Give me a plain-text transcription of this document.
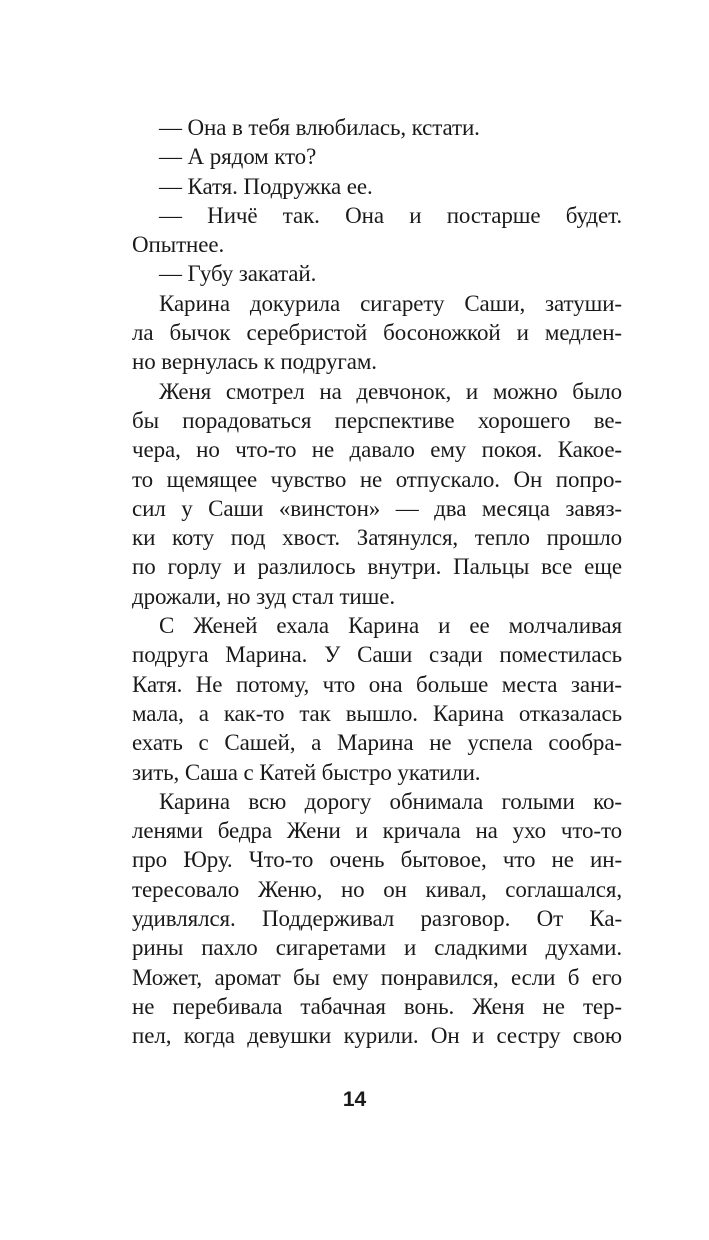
— Она в тебя влюбилась, кстати.
— А рядом кто?
— Катя. Подружка ее.
— Ничё так. Она и постарше будет.
Опытнее.
— Губу закатай.
Карина докурила сигарету Саши, затуши-
ла бычок серебристой босоножкой и медлен-
но вернулась к подругам.
Женя смотрел на девчонок, и можно было
бы порадоваться перспективе хорошего ве-
чера, но что-то не давало ему покоя. Какое-
то щемящее чувство не отпускало. Он попро-
сил у Саши «винстон» — два месяца завяз-
ки коту под хвост. Затянулся, тепло прошло
по горлу и разлилось внутри. Пальцы все еще
дрожали, но зуд стал тише.
С Женей ехала Карина и ее молчаливая
подруга Марина. У Саши сзади поместилась
Катя. Не потому, что она больше места зани-
мала, а как-то так вышло. Карина отказалась
ехать с Сашей, а Марина не успела сообра-
зить, Саша с Катей быстро укатили.
Карина всю дорогу обнимала голыми ко-
ленями бедра Жени и кричала на ухо что-то
про Юру. Что-то очень бытовое, что не ин-
тересовало Женю, но он кивал, соглашался,
удивлялся. Поддерживал разговор. От Ка-
рины пахло сигаретами и сладкими духами.
Может, аромат бы ему понравился, если б его
не перебивала табачная вонь. Женя не тер-
пел, когда девушки курили. Он и сестру свою
14
